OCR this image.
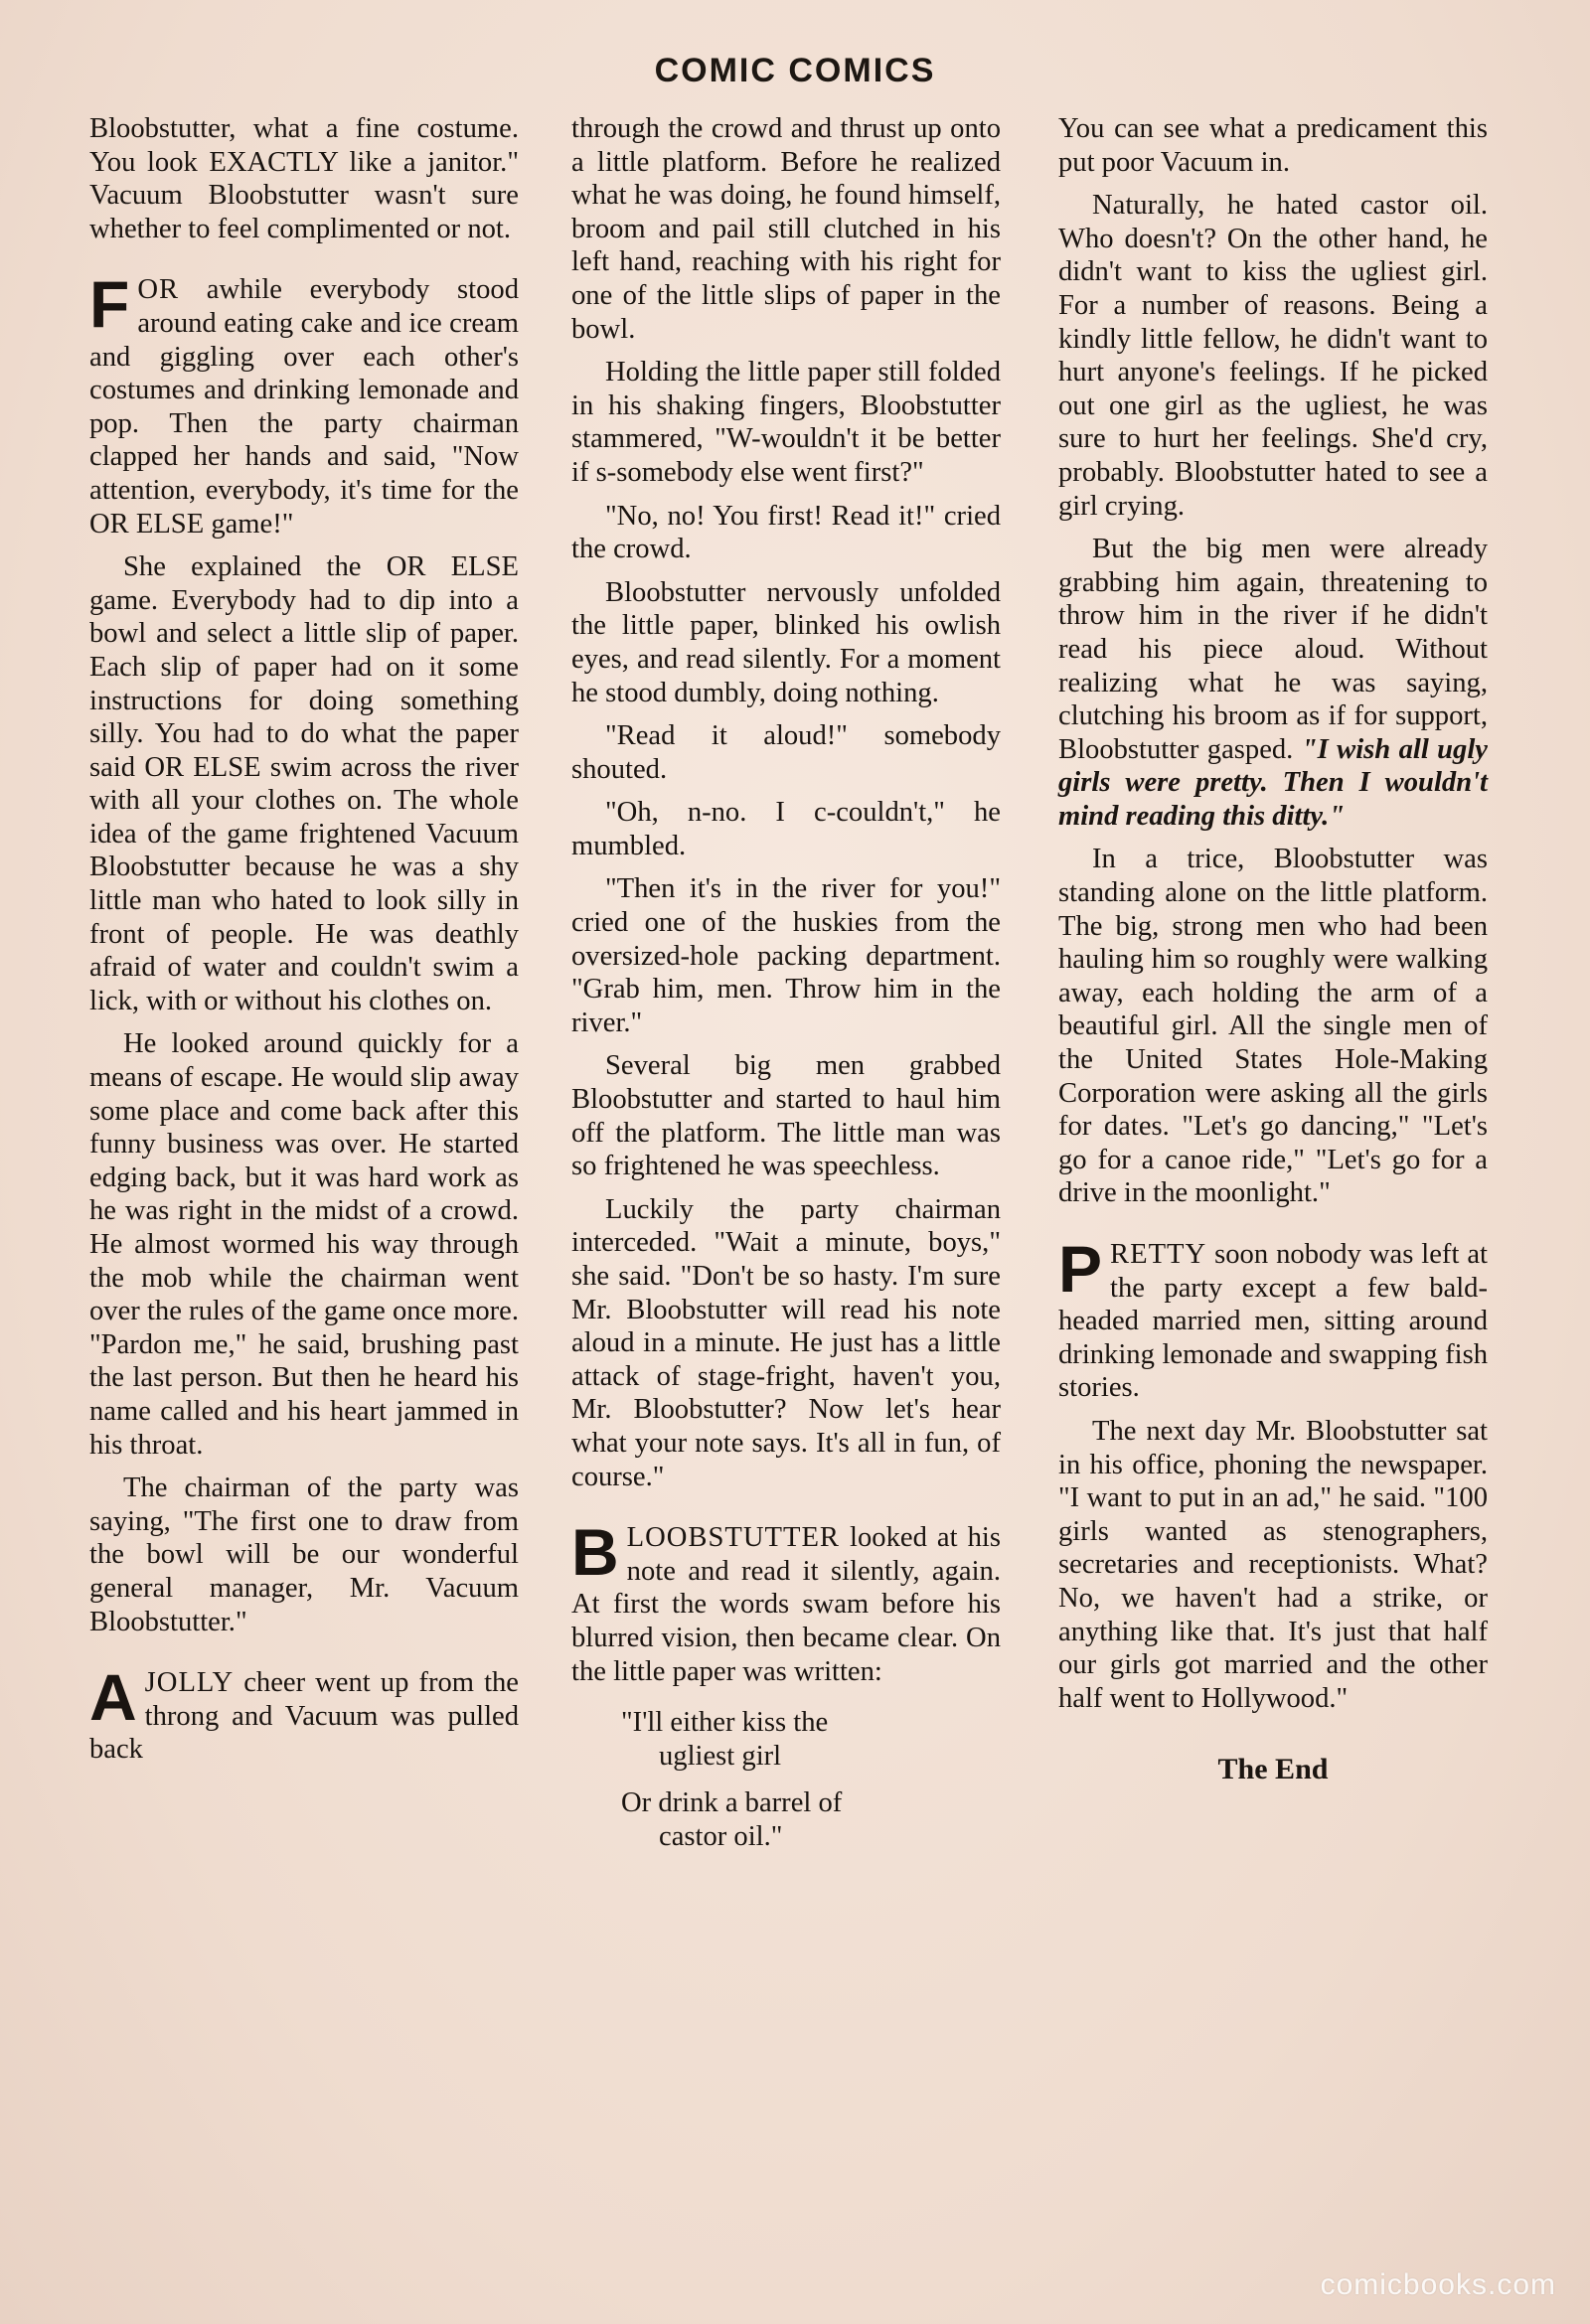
COMIC COMICS

Bloobstutter, what a fine costume. You look EXACTLY like a janitor." Vacuum Bloobstutter wasn't sure whether to feel complimented or not.

FOR awhile everybody stood around eating cake and ice cream and giggling over each other's costumes and drinking lemonade and pop. Then the party chairman clapped her hands and said, "Now attention, everybody, it's time for the OR ELSE game!"

She explained the OR ELSE game. Everybody had to dip into a bowl and select a little slip of paper. Each slip of paper had on it some instructions for doing something silly. You had to do what the paper said OR ELSE swim across the river with all your clothes on. The whole idea of the game frightened Vacuum Bloobstutter because he was a shy little man who hated to look silly in front of people. He was deathly afraid of water and couldn't swim a lick, with or without his clothes on.

He looked around quickly for a means of escape. He would slip away some place and come back after this funny business was over. He started edging back, but it was hard work as he was right in the midst of a crowd. He almost wormed his way through the mob while the chairman went over the rules of the game once more. "Pardon me," he said, brushing past the last person. But then he heard his name called and his heart jammed in his throat.

The chairman of the party was saying, "The first one to draw from the bowl will be our wonderful general manager, Mr. Vacuum Bloobstutter."

AJOLLY cheer went up from the throng and Vacuum was pulled back

through the crowd and thrust up onto a little platform. Before he realized what he was doing, he found himself, broom and pail still clutched in his left hand, reaching with his right for one of the little slips of paper in the bowl.

Holding the little paper still folded in his shaking fingers, Bloobstutter stammered, "W-wouldn't it be better if s-somebody else went first?"

"No, no! You first! Read it!" cried the crowd.

Bloobstutter nervously unfolded the little paper, blinked his owlish eyes, and read silently. For a moment he stood dumbly, doing nothing.

"Read it aloud!" somebody shouted.

"Oh, n-no. I c-couldn't," he mumbled.

"Then it's in the river for you!" cried one of the huskies from the oversized-hole packing department. "Grab him, men. Throw him in the river."

Several big men grabbed Bloobstutter and started to haul him off the platform. The little man was so frightened he was speechless.

Luckily the party chairman interceded. "Wait a minute, boys," she said. "Don't be so hasty. I'm sure Mr. Bloobstutter will read his note aloud in a minute. He just has a little attack of stage-fright, haven't you, Mr. Bloobstutter? Now let's hear what your note says. It's all in fun, of course."

BLOOBSTUTTER looked at his note and read it silently, again. At first the words swam before his blurred vision, then became clear. On the little paper was written:

"I'll either kiss the
ugliest girl
Or drink a barrel of
castor oil."

You can see what a predicament this put poor Vacuum in.

Naturally, he hated castor oil. Who doesn't? On the other hand, he didn't want to kiss the ugliest girl. For a number of reasons. Being a kindly little fellow, he didn't want to hurt anyone's feelings. If he picked out one girl as the ugliest, he was sure to hurt her feelings. She'd cry, probably. Bloobstutter hated to see a girl crying.

But the big men were already grabbing him again, threatening to throw him in the river if he didn't read his piece aloud. Without realizing what he was saying, clutching his broom as if for support, Bloobstutter gasped. "I wish all ugly girls were pretty. Then I wouldn't mind reading this ditty."

In a trice, Bloobstutter was standing alone on the little platform. The big, strong men who had been hauling him so roughly were walking away, each holding the arm of a beautiful girl. All the single men of the United States Hole-Making Corporation were asking all the girls for dates. "Let's go dancing," "Let's go for a canoe ride," "Let's go for a drive in the moonlight."

PRETTY soon nobody was left at the party except a few bald-headed married men, sitting around drinking lemonade and swapping fish stories.

The next day Mr. Bloobstutter sat in his office, phoning the newspaper. "I want to put in an ad," he said. "100 girls wanted as stenographers, secretaries and receptionists. What? No, we haven't had a strike, or anything like that. It's just that half our girls got married and the other half went to Hollywood."

The End
comicbooks.com
